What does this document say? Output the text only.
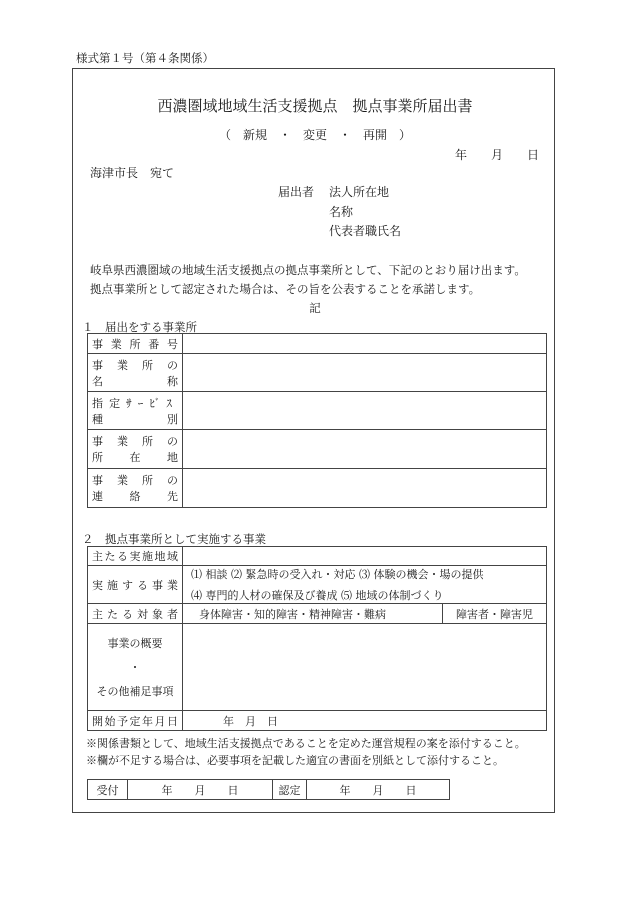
様式第１号（第４条関係）
西濃圏域地域生活支援拠点　拠点事業所届出書
（　新規　・　変更　・　再開　）
年　　月　　日
海津市長　宛て
届出者 法人所在地
名称
代表者職氏名
岐阜県西濃圏域の地域生活支援拠点の拠点事業所として、下記のとおり届け出ます。
拠点事業所として認定された場合は、その旨を公表することを承諾します。
記
１　届出をする事業所
事業所番号	

事業所の
名称	

指定ｻｰﾋﾞｽ
種別	

事業所の
所在地	

事業所の
連絡先	

２　拠点事業所として実施する事業
主たる実施地域		

実施する事業	⑴ 相談 ⑵ 緊急時の受入れ・対応 ⑶ 体験の機会・場の提供
⑷ 専門的人材の確保及び養成 ⑸ 地域の体制づくり	

主たる対象者	身体障害・知的障害・精神障害・難病	障害者・障害児

事業の概要
・
その他補足事項		

開始予定年月日	年　月　日	
※関係書類として、地域生活支援拠点であることを定めた運営規程の案を添付すること。
※欄が不足する場合は、必要事項を記載した適宜の書面を別紙として添付すること。
受付	年　　月　　日	認定	年　　月　　日
